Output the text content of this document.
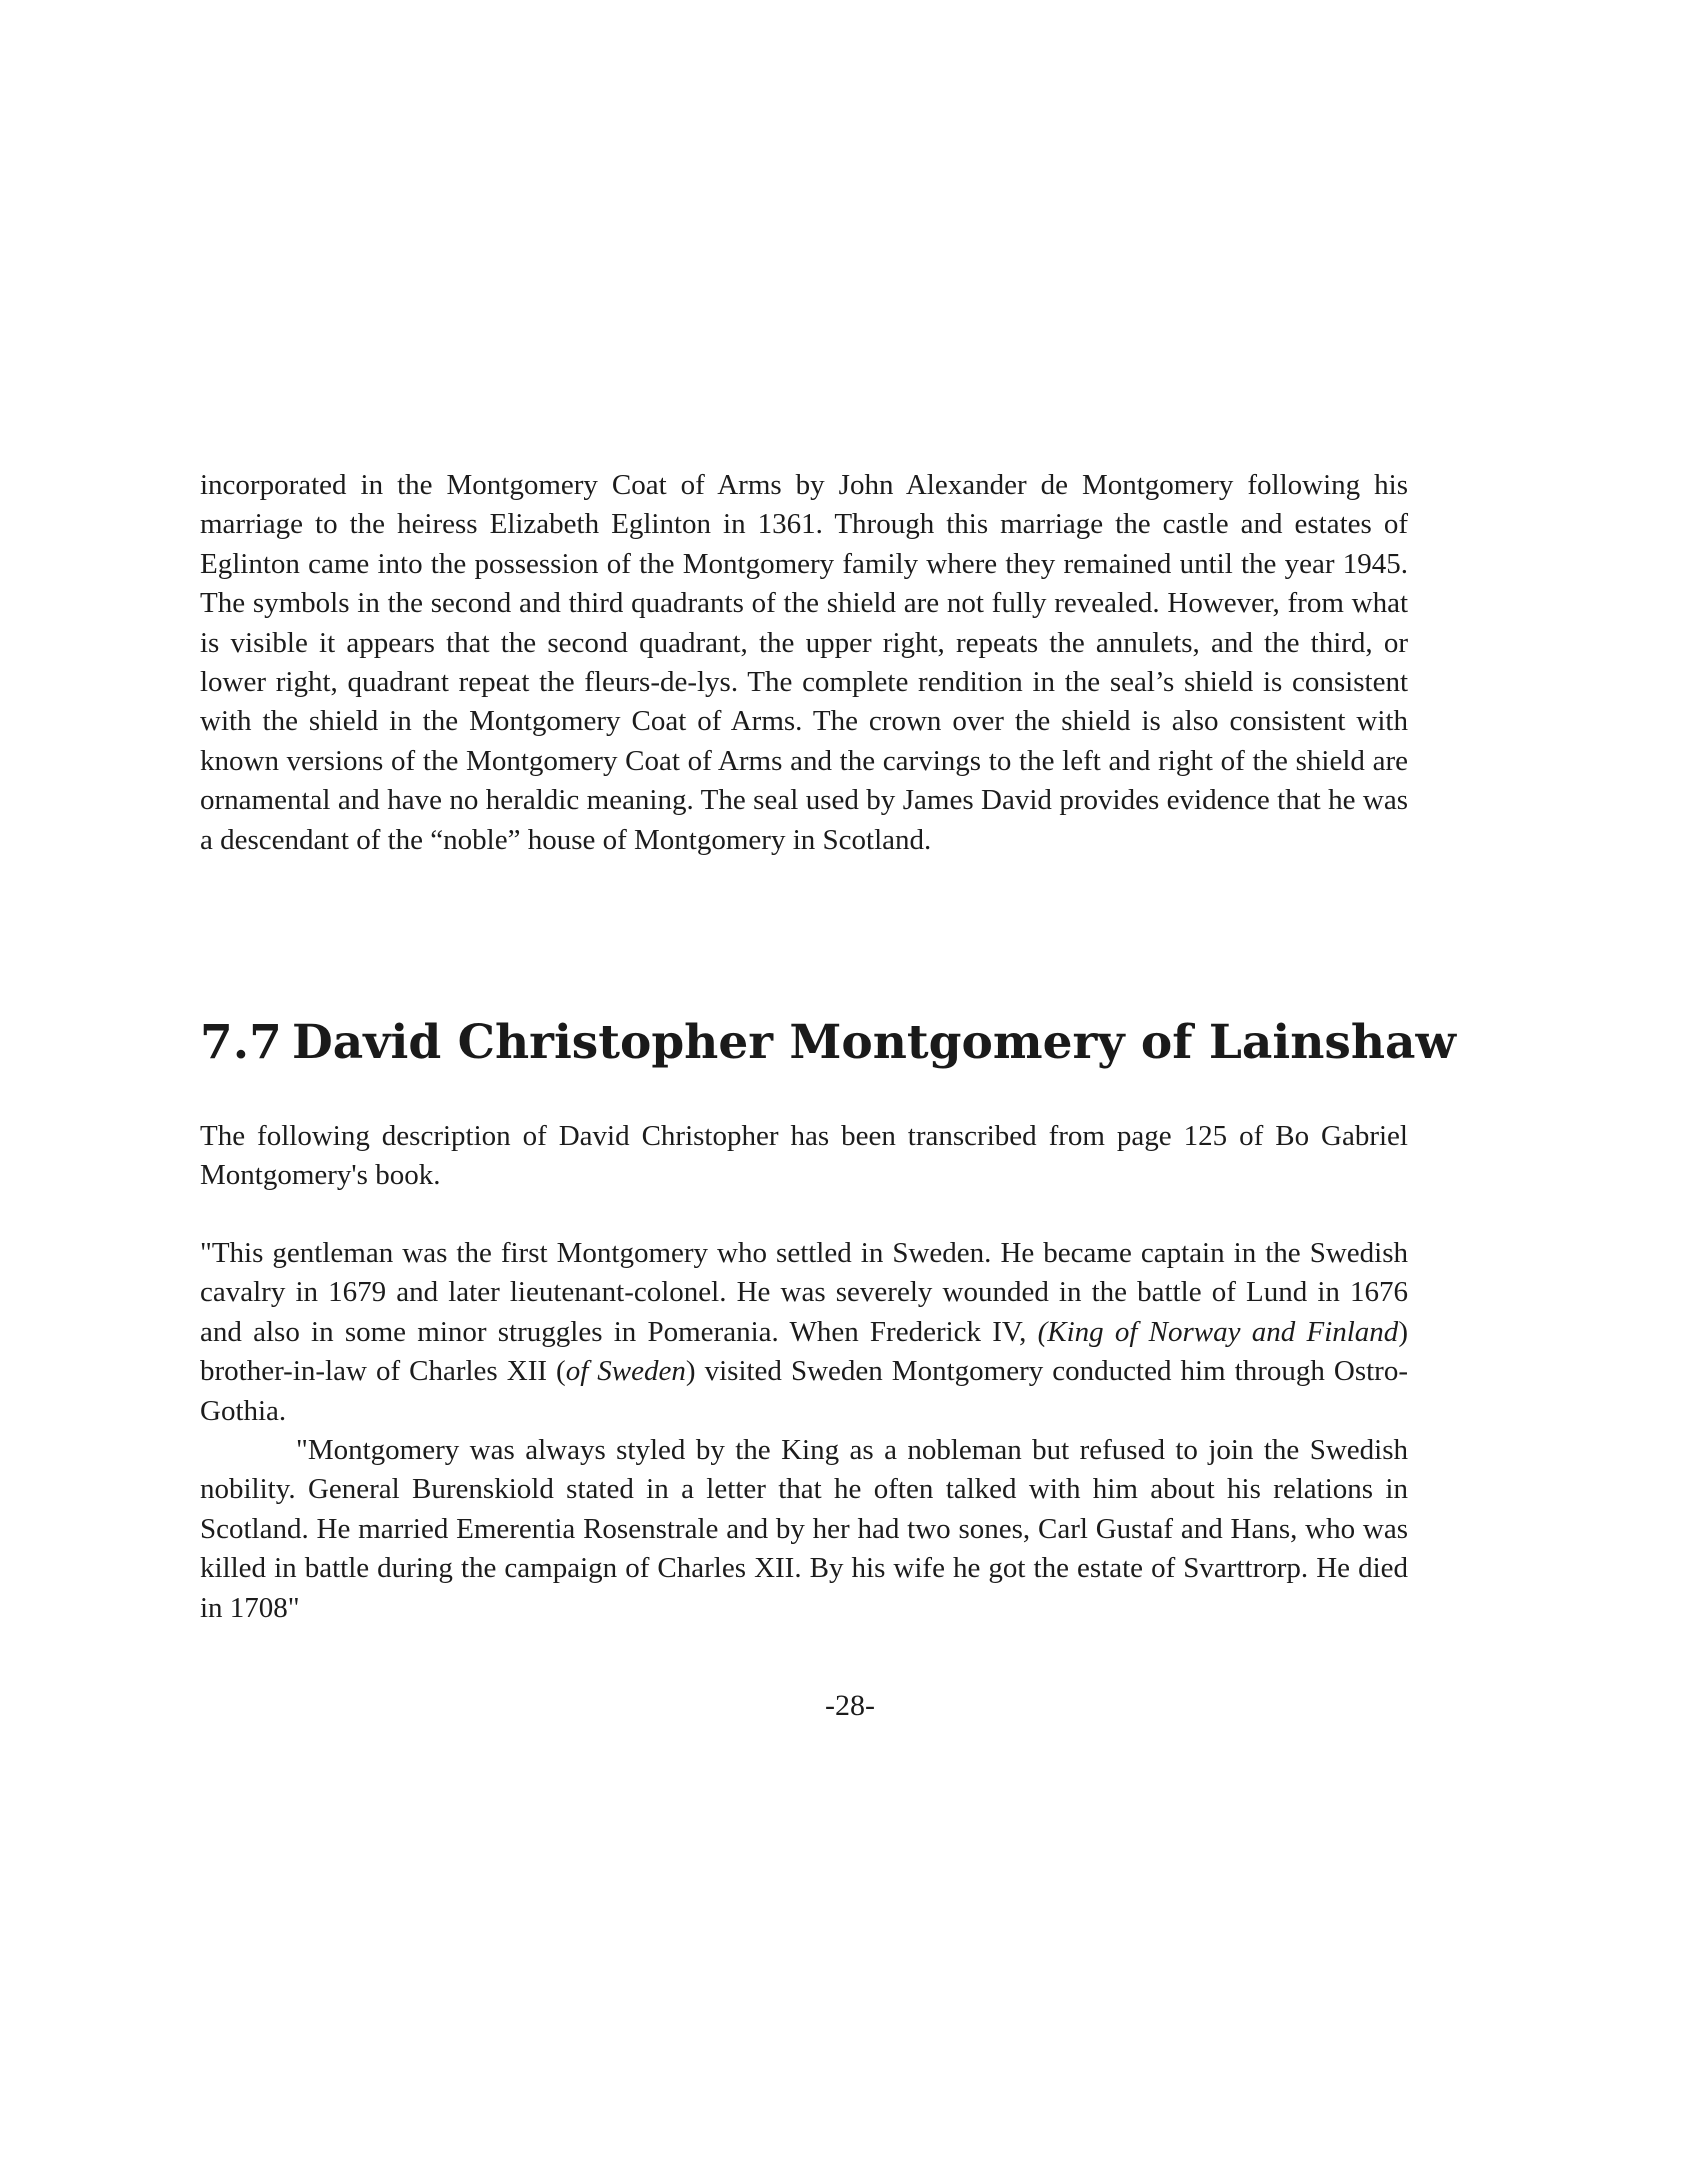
incorporated in the Montgomery Coat of Arms by John Alexander de Montgomery following his marriage to the heiress Elizabeth Eglinton in 1361. Through this marriage the castle and estates of Eglinton came into the possession of the Montgomery family where they remained until the year 1945. The symbols in the second and third quadrants of the shield are not fully revealed. However, from what is visible it appears that the second quadrant, the upper right, repeats the annulets, and the third, or lower right, quadrant repeat the fleurs-de-lys. The complete rendition in the seal’s shield is consistent with the shield in the Montgomery Coat of Arms. The crown over the shield is also consistent with known versions of the Montgomery Coat of Arms and the carvings to the left and right of the shield are ornamental and have no heraldic meaning. The seal used by James David provides evidence that he was a descendant of the “noble” house of Montgomery in Scotland.

7.7 David Christopher Montgomery of Lainshaw

The following description of David Christopher has been transcribed from page 125 of Bo Gabriel Montgomery's book.

"This gentleman was the first Montgomery who settled in Sweden. He became captain in the Swedish cavalry in 1679 and later lieutenant-colonel. He was severely wounded in the battle of Lund in 1676 and also in some minor struggles in Pomerania. When Frederick IV, (King of Norway and Finland) brother-in-law of Charles XII (of Sweden) visited Sweden Montgomery conducted him through Ostro-Gothia.

"Montgomery was always styled by the King as a nobleman but refused to join the Swedish nobility. General Burenskiold stated in a letter that he often talked with him about his relations in Scotland. He married Emerentia Rosenstrale and by her had two sones, Carl Gustaf and Hans, who was killed in battle during the campaign of Charles XII. By his wife he got the estate of Svarttrorp. He died in 1708"

-28-
